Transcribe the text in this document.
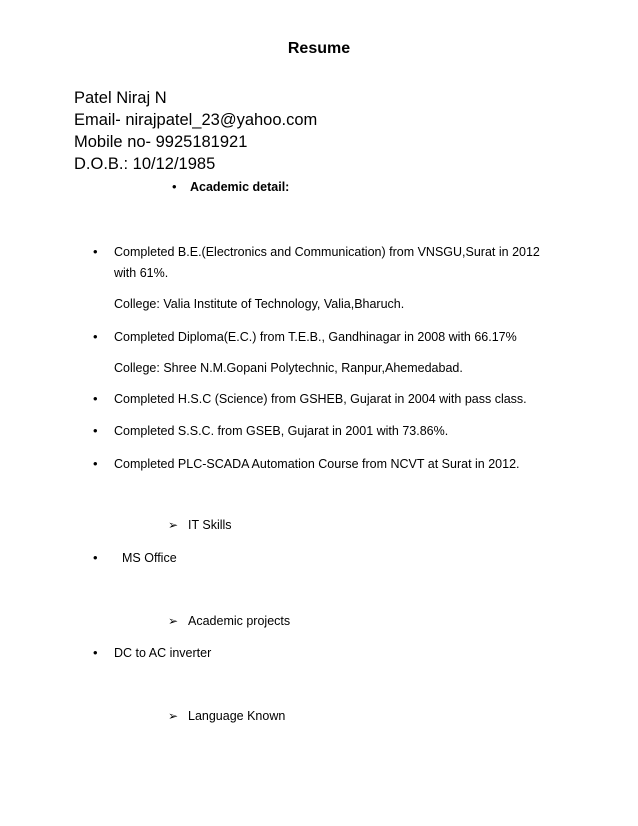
Resume
Patel Niraj N
Email- nirajpatel_23@yahoo.com
Mobile no- 9925181921
D.O.B.: 10/12/1985
• Academic detail:
• Completed B.E.(Electronics and Communication) from VNSGU,Surat in 2012
with 61%.
College: Valia Institute of Technology, Valia,Bharuch.
• Completed Diploma(E.C.) from T.E.B., Gandhinagar in 2008 with 66.17%
College: Shree N.M.Gopani Polytechnic, Ranpur,Ahemedabad.
• Completed H.S.C (Science) from GSHEB, Gujarat in 2004 with pass class.
• Completed S.S.C. from GSEB, Gujarat in 2001 with 73.86%.
• Completed PLC-SCADA Automation Course from NCVT at Surat in 2012.
➢ IT Skills
• MS Office
➢ Academic projects
• DC to AC inverter
➢ Language Known
